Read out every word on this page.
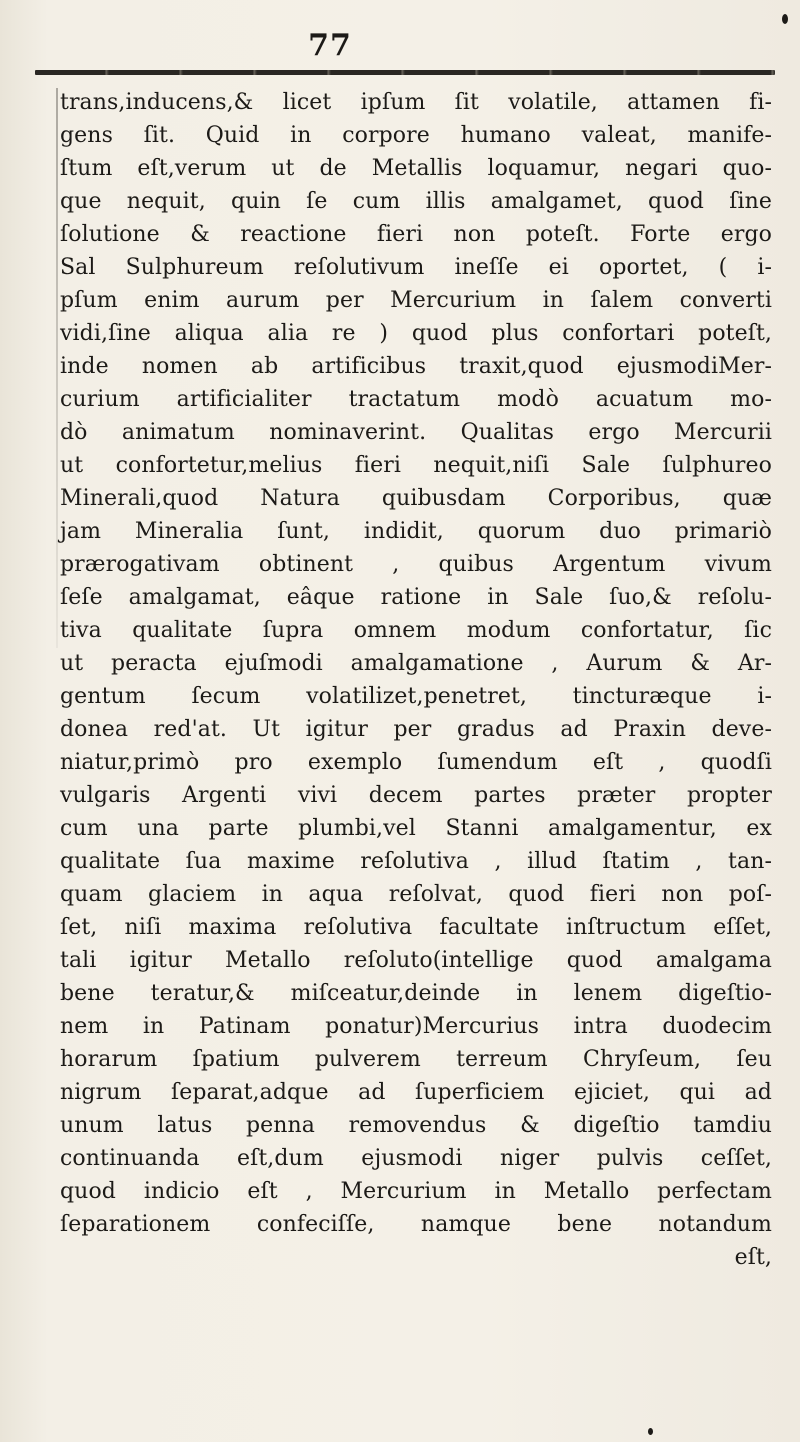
77
trans,inducens,& licet ipſum ſit volatile, attamen fi-
gens ſit. Quid in corpore humano valeat, manife-
ſtum eſt,verum ut de Metallis loquamur, negari quo-
que nequit, quin ſe cum illis amalgamet, quod ſine
ſolutione & reactione fieri non poteſt. Forte ergo
Sal Sulphureum reſolutivum ineſſe ei oportet, ( i-
pſum enim aurum per Mercurium in ſalem converti
vidi,ſine aliqua alia re ) quod plus confortari poteſt,
inde nomen ab artificibus traxit,quod ejusmodiMer-
curium artificialiter tractatum modò acuatum mo-
dò animatum nominaverint. Qualitas ergo Mercurii
ut confortetur,melius fieri nequit,niſi Sale ſulphureo
Minerali,quod Natura quibusdam Corporibus, quæ
jam Mineralia ſunt, indidit, quorum duo primariò
prærogativam obtinent , quibus Argentum vivum
ſeſe amalgamat, eâque ratione in Sale ſuo,& reſolu-
tiva qualitate ſupra omnem modum confortatur, ſic
ut peracta ejuſmodi amalgamatione , Aurum & Ar-
gentum ſecum volatilizet,penetret, tincturæque i-
donea red'at. Ut igitur per gradus ad Praxin deve-
niatur,primò pro exemplo ſumendum eſt , quodſi
vulgaris Argenti vivi decem partes præter propter
cum una parte plumbi,vel Stanni amalgamentur, ex
qualitate ſua maxime reſolutiva , illud ſtatim , tan-
quam glaciem in aqua reſolvat, quod fieri non poſ-
ſet, niſi maxima reſolutiva facultate inſtructum eſſet,
tali igitur Metallo reſoluto(intellige quod amalgama
bene teratur,& miſceatur,deinde in lenem digeſtio-
nem in Patinam ponatur)Mercurius intra duodecim
horarum ſpatium pulverem terreum Chryſeum, ſeu
nigrum ſeparat,adque ad ſuperficiem ejiciet, qui ad
unum latus penna removendus & digeſtio tamdiu
continuanda eſt,dum ejusmodi niger pulvis ceſſet,
quod indicio eſt , Mercurium in Metallo perfectam
ſeparationem confeciſſe, namque bene notandum
eſt,
